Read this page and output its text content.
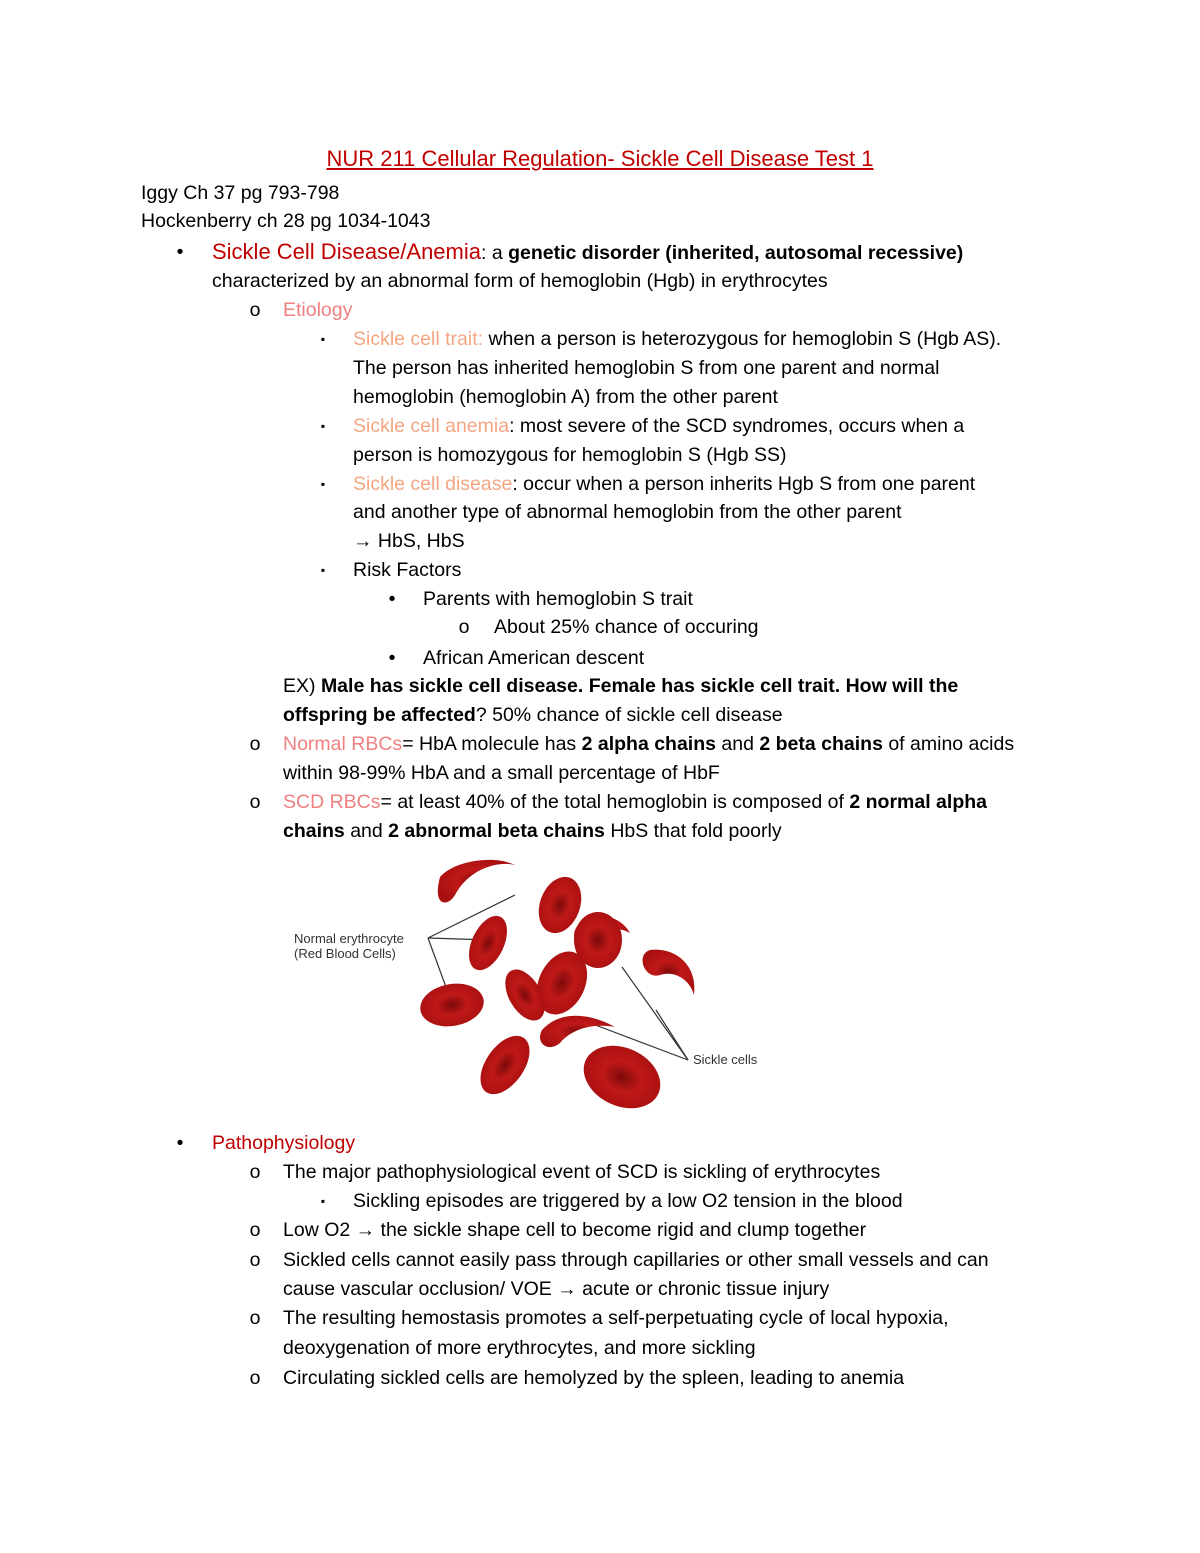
NUR 211 Cellular Regulation- Sickle Cell Disease Test 1
Iggy Ch 37 pg 793-798
Hockenberry ch 28 pg 1034-1043
• Sickle Cell Disease/Anemia: a genetic disorder (inherited, autosomal recessive)
characterized by an abnormal form of hemoglobin (Hgb) in erythrocytes
o Etiology
▪	Sickle cell trait: when a person is heterozygous for hemoglobin S (Hgb AS).
The person has inherited hemoglobin S from one parent and normal
hemoglobin (hemoglobin A) from the other parent
▪	Sickle cell anemia: most severe of the SCD syndromes, occurs when a
person is homozygous for hemoglobin S (Hgb SS)
▪	Sickle cell disease: occur when a person inherits Hgb S from one parent
and another type of abnormal hemoglobin from the other parent
→ HbS, HbS
▪	Risk Factors
•	Parents with hemoglobin S trait
o About 25% chance of occuring
•	African American descent
EX) Male has sickle cell disease. Female has sickle cell trait. How will the
offspring be affected? 50% chance of sickle cell disease
o Normal RBCs= HbA molecule has 2 alpha chains and 2 beta chains of amino acids
within 98-99% HbA and a small percentage of HbF
o SCD RBCs= at least 40% of the total hemoglobin is composed of 2 normal alpha
chains and 2 abnormal beta chains HbS that fold poorly
Normal erythrocyte
(Red Blood Cells)
Sickle cells
•	Pathophysiology
o The major pathophysiological event of SCD is sickling of erythrocytes
▪	Sickling episodes are triggered by a low O2 tension in the blood
o Low O2 → the sickle shape cell to become rigid and clump together
o Sickled cells cannot easily pass through capillaries or other small vessels and can
cause vascular occlusion/ VOE → acute or chronic tissue injury
o The resulting hemostasis promotes a self-perpetuating cycle of local hypoxia,
deoxygenation of more erythrocytes, and more sickling
o Circulating sickled cells are hemolyzed by the spleen, leading to anemia
